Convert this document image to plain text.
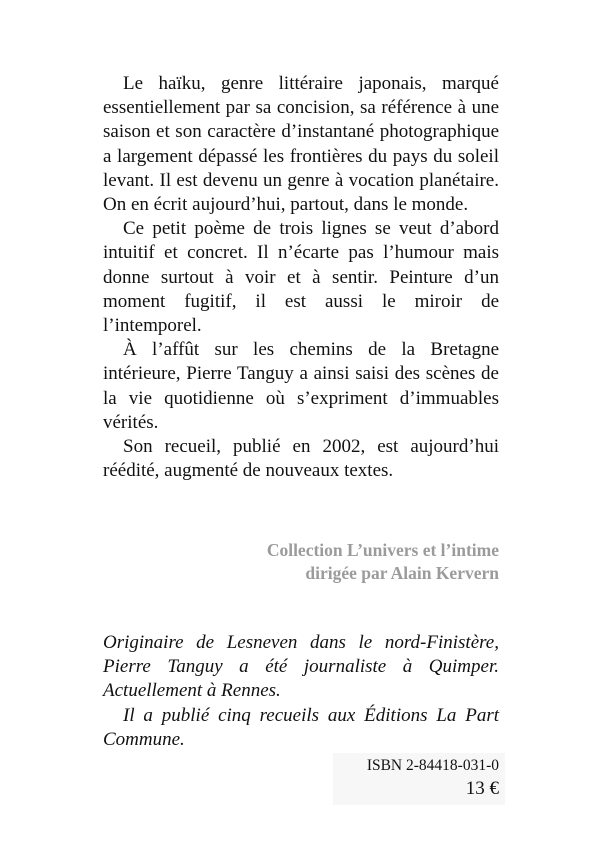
Le haïku, genre littéraire japonais, marqué essentiellement par sa concision, sa référence à une saison et son caractère d’instantané photographique a largement dépassé les frontières du pays du soleil levant. Il est devenu un genre à vocation planétaire. On en écrit aujourd’hui, partout, dans le monde.

Ce petit poème de trois lignes se veut d’abord intuitif et concret. Il n’écarte pas l’humour mais donne surtout à voir et à sentir. Peinture d’un moment fugitif, il est aussi le miroir de l’intemporel.

À l’affût sur les chemins de la Bretagne intérieure, Pierre Tanguy a ainsi saisi des scènes de la vie quotidienne où s’expriment d’immuables vérités.

Son recueil, publié en 2002, est aujourd’hui réédité, augmenté de nouveaux textes.

Collection L’univers et l’intime
dirigée par Alain Kervern

Originaire de Lesneven dans le nord-Finistère, Pierre Tanguy a été journaliste à Quimper. Actuellement à Rennes.

Il a publié cinq recueils aux Éditions La Part Commune.

ISBN 2-84418-031-0
13 €
